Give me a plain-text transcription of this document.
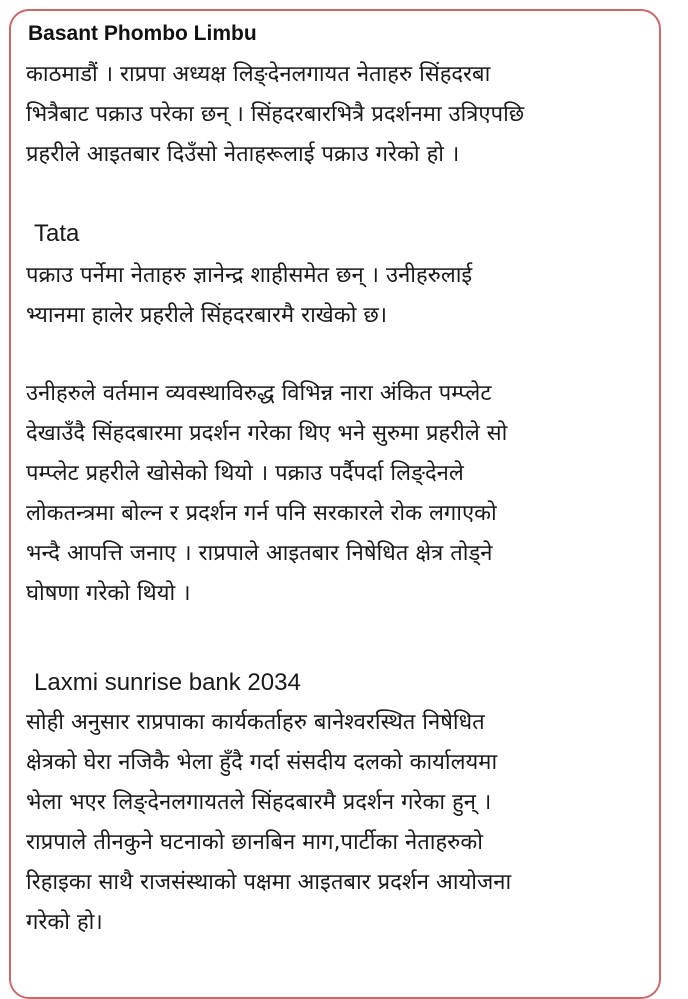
Basant Phombo Limbu
काठमाडौं । राप्रपा अध्यक्ष लिङ्देनलगायत नेताहरु सिंहदरबा
भित्रैबाट पक्राउ परेका छन् । सिंहदरबारभित्रै प्रदर्शनमा उत्रिएपछि
प्रहरीले आइतबार दिउँसो नेताहरूलाई पक्राउ गरेको हो ।
Tata
पक्राउ पर्नेमा नेताहरु ज्ञानेन्द्र शाहीसमेत छन् । उनीहरुलाई
भ्यानमा हालेर प्रहरीले सिंहदरबारमै राखेको छ।
उनीहरुले वर्तमान व्यवस्थाविरुद्ध विभिन्न नारा अंकित पम्प्लेट
देखाउँदै सिंहदबारमा प्रदर्शन गरेका थिए भने सुरुमा प्रहरीले सो
पम्प्लेट प्रहरीले खोसेको थियो । पक्राउ पर्दैपर्दा लिङ्देनले
लोकतन्त्रमा बोल्न र प्रदर्शन गर्न पनि सरकारले रोक लगाएको
भन्दै आपत्ति जनाए । राप्रपाले आइतबार निषेधित क्षेत्र तोड्ने
घोषणा गरेको थियो ।
Laxmi sunrise bank 2034
सोही अनुसार राप्रपाका कार्यकर्ताहरु बानेश्वरस्थित निषेधित
क्षेत्रको घेरा नजिकै भेला हुँदै गर्दा संसदीय दलको कार्यालयमा
भेला भएर लिङ्देनलगायतले सिंहदबारमै प्रदर्शन गरेका हुन् ।
राप्रपाले तीनकुने घटनाको छानबिन माग,पार्टीका नेताहरुको
रिहाइका साथै राजसंस्थाको पक्षमा आइतबार प्रदर्शन आयोजना
गरेको हो।
